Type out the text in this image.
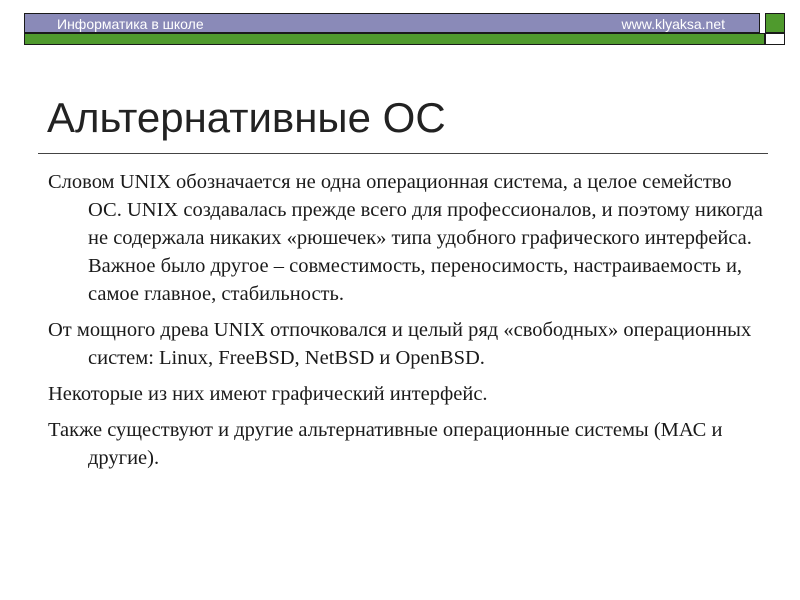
Информатика в школе	www.klyaksa.net
Альтернативные ОС

Словом UNIX обозначается не одна операционная система, а целое семейство ОС. UNIX создавалась прежде всего для профессионалов, и поэтому никогда не содержала никаких «рюшечек» типа удобного графического интерфейса. Важное было другое – совместимость, переносимость, настраиваемость и, самое главное, стабильность.

От мощного древа UNIX отпочковался и целый ряд «свободных» операционных систем: Linux, FreeBSD, NetBSD и OpenBSD.

Некоторые из них имеют графический интерфейс.

Также существуют и другие альтернативные операционные системы (МАС и другие).
